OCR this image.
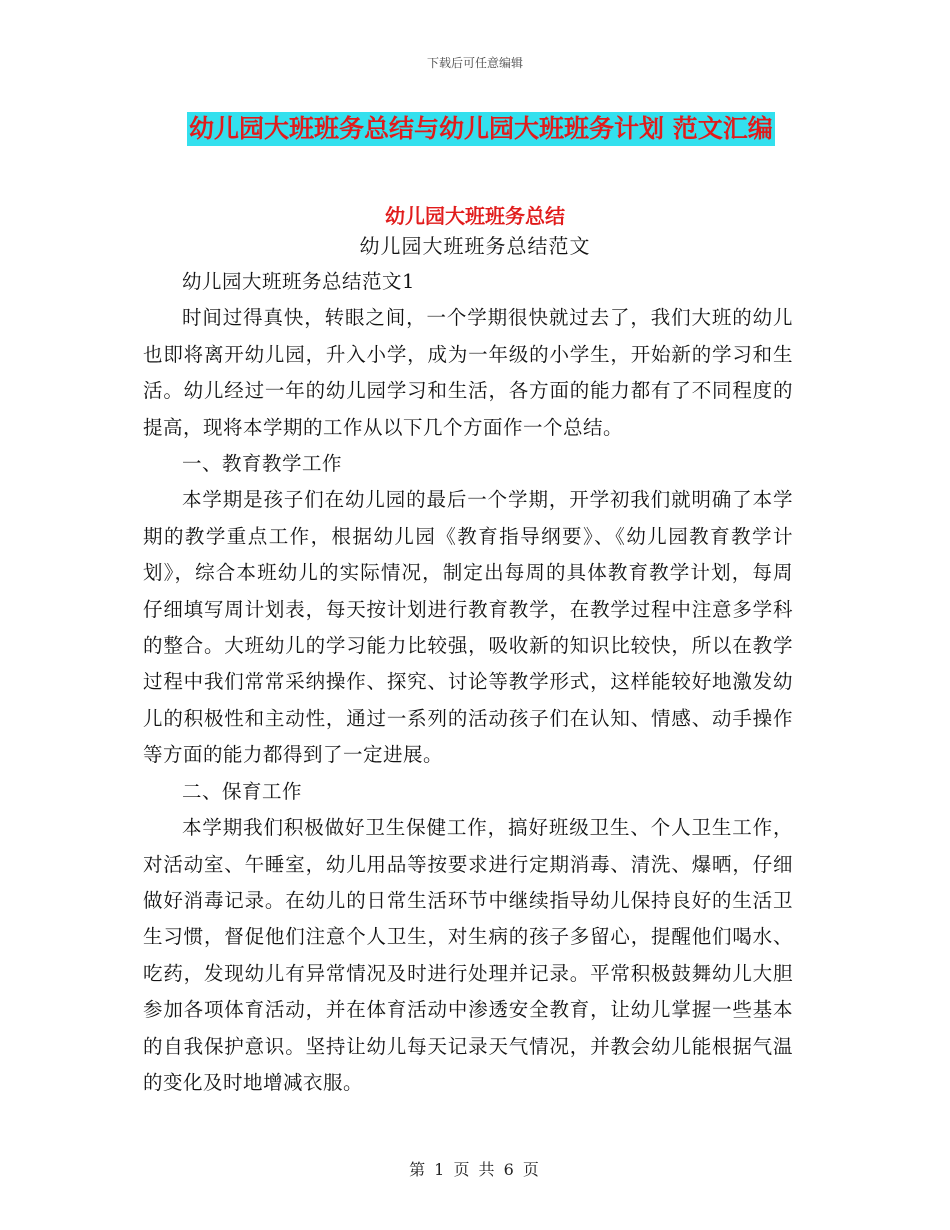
下载后可任意编辑
幼儿园大班班务总结与幼儿园大班班务计划 范文汇编
幼儿园大班班务总结
幼儿园大班班务总结范文

幼儿园大班班务总结范文1

时间过得真快，转眼之间，一个学期很快就过去了，我们大班的幼儿也即将离开幼儿园，升入小学，成为一年级的小学生，开始新的学习和生活。幼儿经过一年的幼儿园学习和生活，各方面的能力都有了不同程度的提高，现将本学期的工作从以下几个方面作一个总结。

一、教育教学工作

本学期是孩子们在幼儿园的最后一个学期，开学初我们就明确了本学期的教学重点工作，根据幼儿园《教育指导纲要》、《幼儿园教育教学计划》，综合本班幼儿的实际情况，制定出每周的具体教育教学计划，每周仔细填写周计划表，每天按计划进行教育教学，在教学过程中注意多学科的整合。大班幼儿的学习能力比较强，吸收新的知识比较快，所以在教学过程中我们常常采纳操作、探究、讨论等教学形式，这样能较好地激发幼儿的积极性和主动性，通过一系列的活动孩子们在认知、情感、动手操作等方面的能力都得到了一定进展。

二、保育工作

本学期我们积极做好卫生保健工作，搞好班级卫生、个人卫生工作，对活动室、午睡室，幼儿用品等按要求进行定期消毒、清洗、爆晒，仔细做好消毒记录。在幼儿的日常生活环节中继续指导幼儿保持良好的生活卫生习惯，督促他们注意个人卫生，对生病的孩子多留心，提醒他们喝水、吃药，发现幼儿有异常情况及时进行处理并记录。平常积极鼓舞幼儿大胆参加各项体育活动，并在体育活动中渗透安全教育，让幼儿掌握一些基本的自我保护意识。坚持让幼儿每天记录天气情况，并教会幼儿能根据气温的变化及时地增减衣服。

第 1 页 共 6 页
